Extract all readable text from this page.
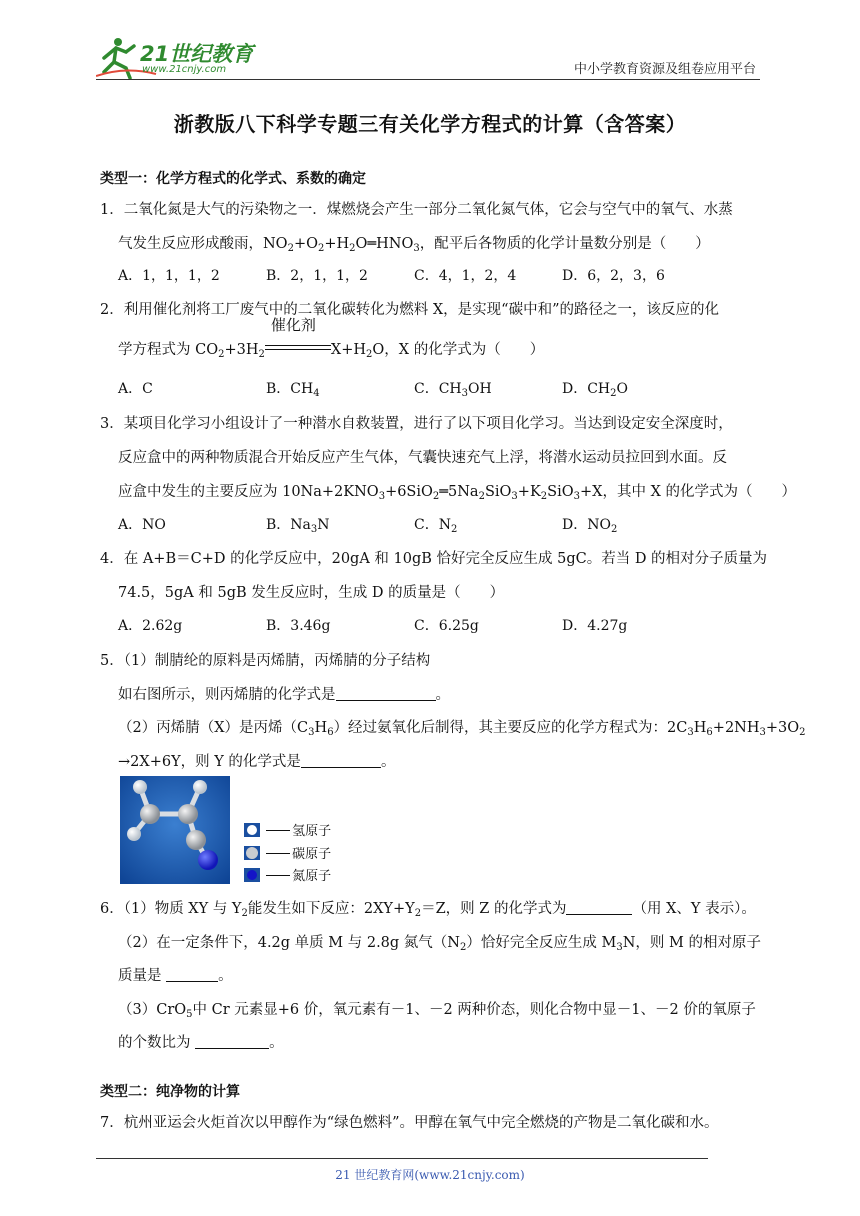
21世纪教育
www.21cnjy.com	中小学教育资源及组卷应用平台
浙教版八下科学专题三有关化学方程式的计算（含答案）
类型一：化学方程式的化学式、系数的确定
1．二氧化氮是大气的污染物之一．煤燃烧会产生一部分二氧化氮气体，它会与空气中的氧气、水蒸
气发生反应形成酸雨，$NO_2+O_2+H_2O═HNO_3$，配平后各物质的化学计量数分别是（　　）
A．1，1，1，2	B．2，1，1，2	C．4，1，2，4	D．6，2，3，6
2．利用催化剂将工厂废气中的二氧化碳转化为燃料 X，是实现“碳中和”的路径之一，该反应的化
学方程式为 $CO_2+3H_2$
催化剂
$X+H_2O$，X 的化学式为（　　）
A．C	B．$CH_4$	C．$CH_3OH$	D．$CH_2O$
3．某项目化学习小组设计了一种潜水自救装置，进行了以下项目化学习。当达到设定安全深度时，
反应盒中的两种物质混合开始反应产生气体，气囊快速充气上浮，将潜水运动员拉回到水面。反
应盒中发生的主要反应为 $10Na+2KNO_3+6SiO_2═5Na_2SiO_3+K_2SiO_3+X$，其中 X 的化学式为（　　）
A．NO	B．$Na_3N$	C．$N_2$	D．$NO_2$
4．在 A+B＝C+D 的化学反应中，20gA 和 10gB 恰好完全反应生成 5gC。若当 D 的相对分子质量为
74.5，5gA 和 5gB 发生反应时，生成 D 的质量是（　　）
A．2.62g	B．3.46g	C．6.25g	D．4.27g
5．（1）制腈纶的原料是丙烯腈，丙烯腈的分子结构
如右图所示，则丙烯腈的化学式是	。
（2）丙烯腈（X）是丙烯$(C_3H_6)$经过氨氧化后制得，其主要反应的化学方程式为：$2C_3H_6+2NH_3+3O_2$
→2X+6Y，则 Y 的化学式是	。
氢原子
碳原子
氮原子
6．（1）物质 XY 与 $Y_2$能发生如下反应：$2XY+Y_2=Z$，则 Z 的化学式为	（用 X、Y 表示）。
（2）在一定条件下，4.2g 单质 M 与 2.8g 氮气$(N_2)$恰好完全反应生成 $M_3N$，则 M 的相对原子
质量是	。
（3）CrO$_5$中 Cr 元素显+6 价，氧元素有－1、－2 两种价态，则化合物中显－1、－2 价的氧原子
的个数比为	。
类型二：纯净物的计算
7．杭州亚运会火炬首次以甲醇作为“绿色燃料”。甲醇在氧气中完全燃烧的产物是二氧化碳和水。
21 世纪教育网(www.21cnjy.com)
